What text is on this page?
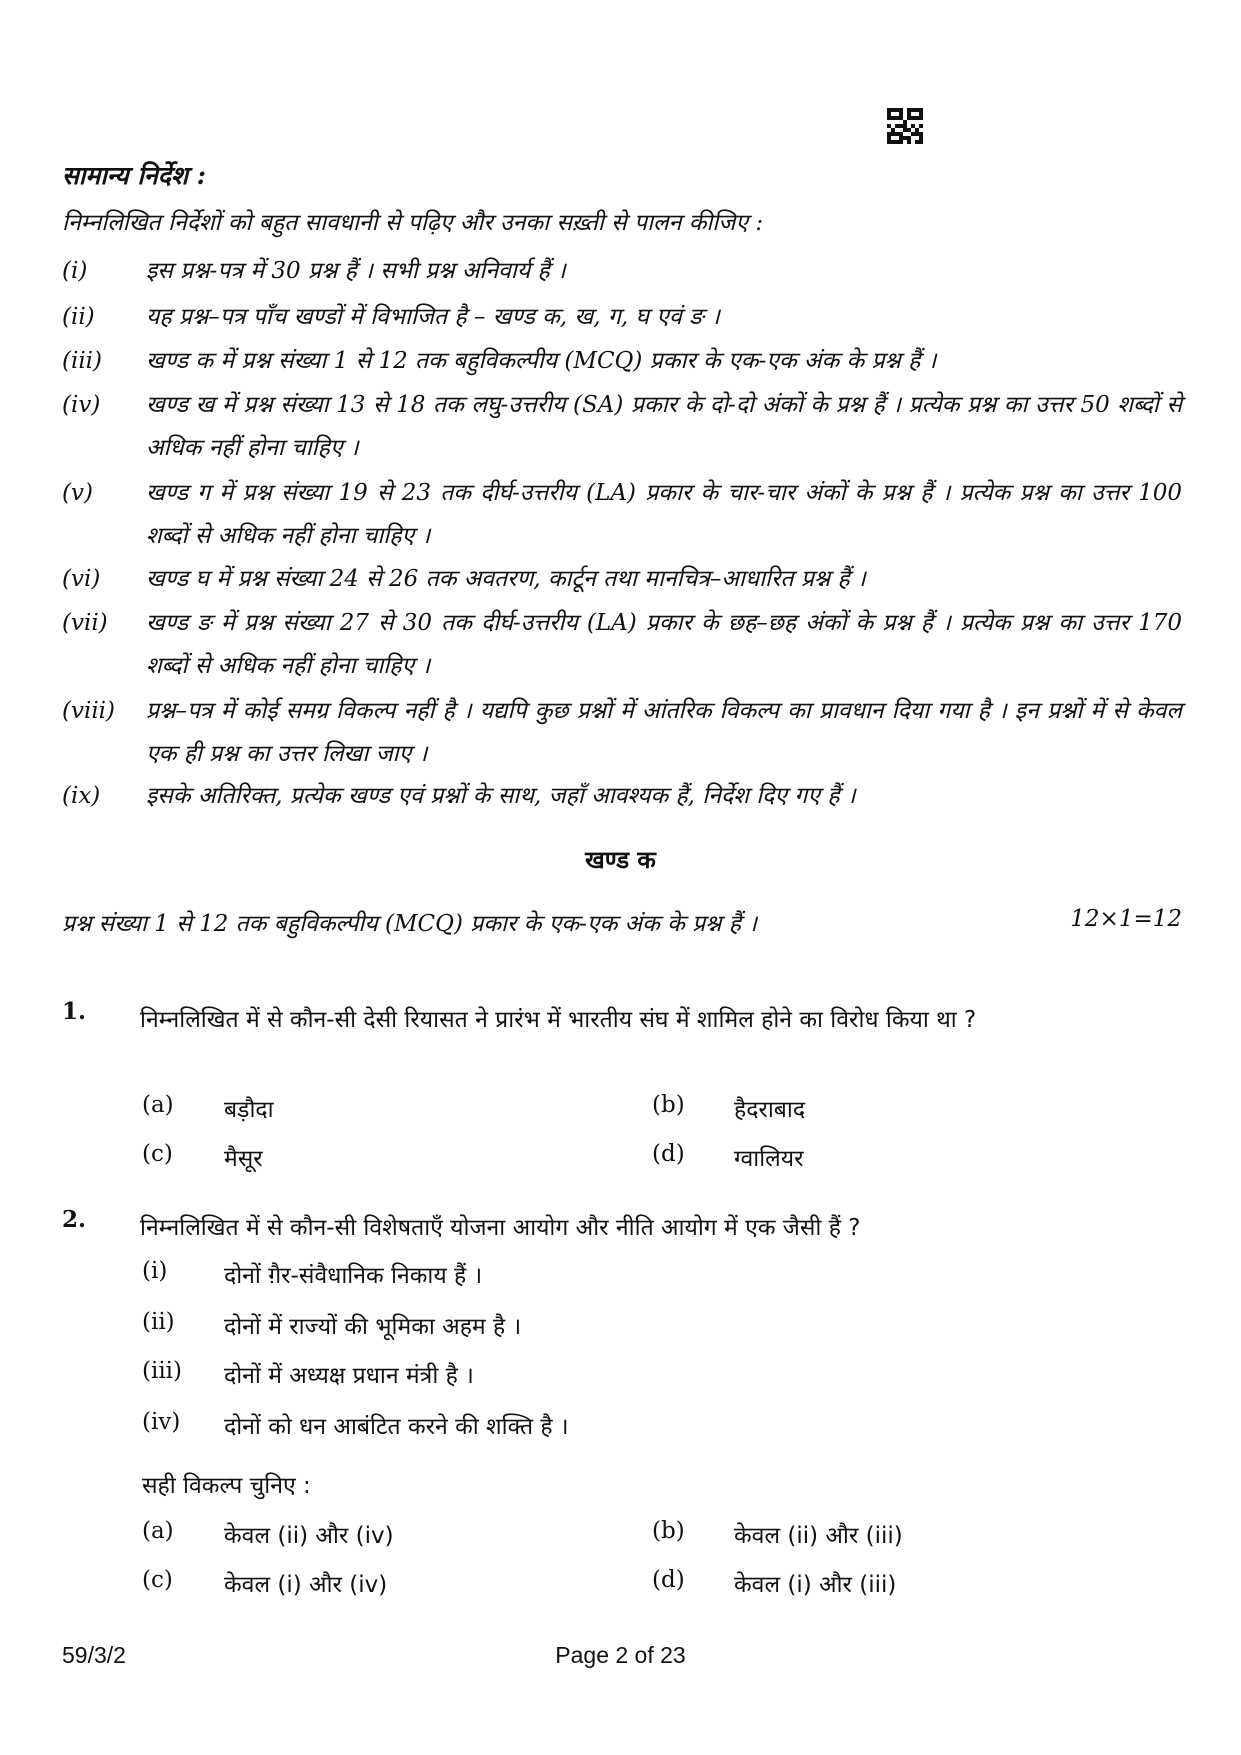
सामान्य निर्देश :
निम्नलिखित निर्देशों को बहुत सावधानी से पढ़िए और उनका सख़्ती से पालन कीजिए :
(i)	इस प्रश्न-पत्र में 30 प्रश्न हैं । सभी प्रश्न अनिवार्य हैं ।
(ii) यह प्रश्न–पत्र पाँच खण्डों में विभाजित है – खण्ड क, ख, ग, घ एवं ङ ।
(iii) खण्ड क में प्रश्न संख्या 1 से 12 तक बहुविकल्पीय (MCQ) प्रकार के एक-एक अंक के प्रश्न हैं ।
(iv) खण्ड ख में प्रश्न संख्या 13 से 18 तक लघु-उत्तरीय (SA) प्रकार के दो-दो अंकों के प्रश्न हैं । प्रत्येक प्रश्न का उत्तर 50 शब्दों से अधिक नहीं होना चाहिए ।
(v) खण्ड ग में प्रश्न संख्या 19 से 23 तक दीर्घ-उत्तरीय (LA) प्रकार के चार-चार अंकों के प्रश्न हैं । प्रत्येक प्रश्न का उत्तर 100 शब्दों से अधिक नहीं होना चाहिए ।
(vi) खण्ड घ में प्रश्न संख्या 24 से 26 तक अवतरण, कार्टून तथा मानचित्र–आधारित प्रश्न हैं ।
(vii) खण्ड ङ में प्रश्न संख्या 27 से 30 तक दीर्घ-उत्तरीय (LA) प्रकार के छह–छह अंकों के प्रश्न हैं । प्रत्येक प्रश्न का उत्तर 170 शब्दों से अधिक नहीं होना चाहिए ।
(viii) प्रश्न–पत्र में कोई समग्र विकल्प नहीं है । यद्यपि कुछ प्रश्नों में आंतरिक विकल्प का प्रावधान दिया गया है । इन प्रश्नों में से केवल एक ही प्रश्न का उत्तर लिखा जाए ।
(ix) इसके अतिरिक्त, प्रत्येक खण्ड एवं प्रश्नों के साथ, जहाँ आवश्यक हैं, निर्देश दिए गए हैं ।
खण्ड क
प्रश्न संख्या 1 से 12 तक बहुविकल्पीय (MCQ) प्रकार के एक-एक अंक के प्रश्न हैं ।	12×1=12
1. निम्नलिखित में से कौन-सी देसी रियासत ने प्रारंभ में भारतीय संघ में शामिल होने का विरोध किया था ?
(a) बड़ौदा	(b) हैदराबाद
(c) मैसूर	(d) ग्वालियर
2. निम्नलिखित में से कौन-सी विशेषताएँ योजना आयोग और नीति आयोग में एक जैसी हैं ?
(i) दोनों ग़ैर-संवैधानिक निकाय हैं ।
(ii) दोनों में राज्यों की भूमिका अहम है ।
(iii) दोनों में अध्यक्ष प्रधान मंत्री है ।
(iv) दोनों को धन आबंटित करने की शक्ति है ।
सही विकल्प चुनिए :
(a) केवल (ii) और (iv)	(b) केवल (ii) और (iii)
(c) केवल (i) और (iv)	(d) केवल (i) और (iii)
59/3/2	Page 2 of 23
